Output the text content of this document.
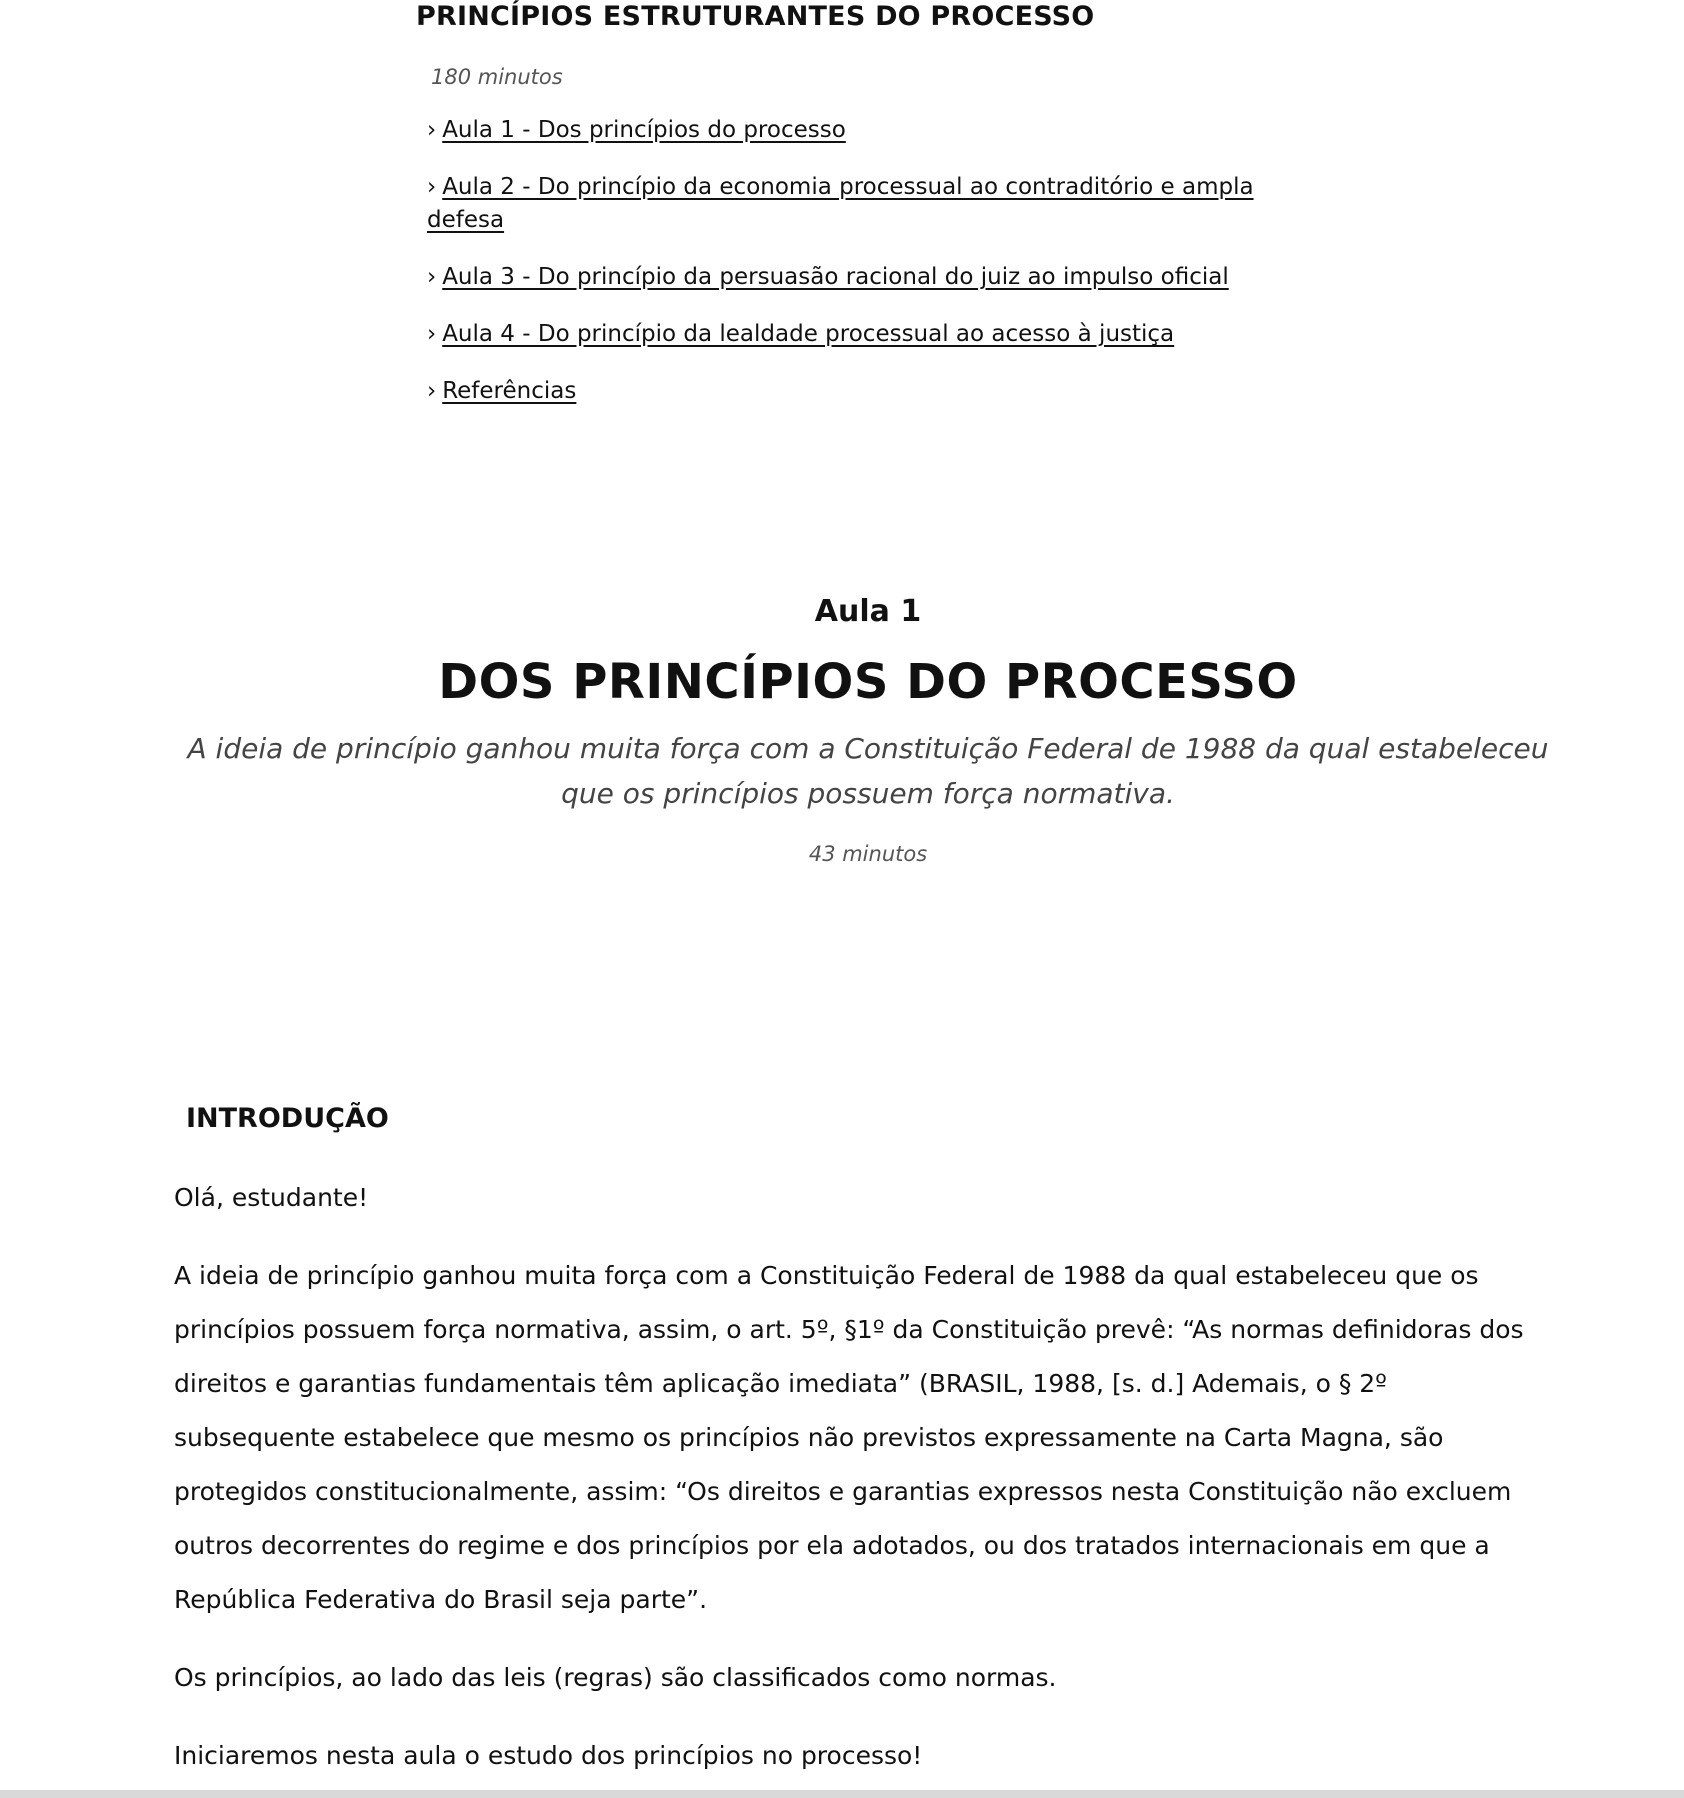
PRINCÍPIOS ESTRUTURANTES DO PROCESSO
180 minutos
› Aula 1 - Dos princípios do processo
› Aula 2 - Do princípio da economia processual ao contraditório e ampla defesa
› Aula 3 - Do princípio da persuasão racional do juiz ao impulso oficial
› Aula 4 - Do princípio da lealdade processual ao acesso à justiça
› Referências
Aula 1
DOS PRINCÍPIOS DO PROCESSO

A ideia de princípio ganhou muita força com a Constituição Federal de 1988 da qual estabeleceu que os princípios possuem força normativa.

43 minutos
INTRODUÇÃO

Olá, estudante!

A ideia de princípio ganhou muita força com a Constituição Federal de 1988 da qual estabeleceu que os princípios possuem força normativa, assim, o art. 5º, §1º da Constituição prevê: “As normas definidoras dos direitos e garantias fundamentais têm aplicação imediata” (BRASIL, 1988, [s. d.] Ademais, o § 2º subsequente estabelece que mesmo os princípios não previstos expressamente na Carta Magna, são protegidos constitucionalmente, assim: “Os direitos e garantias expressos nesta Constituição não excluem outros decorrentes do regime e dos princípios por ela adotados, ou dos tratados internacionais em que a República Federativa do Brasil seja parte”.

Os princípios, ao lado das leis (regras) são classificados como normas.

Iniciaremos nesta aula o estudo dos princípios no processo!
